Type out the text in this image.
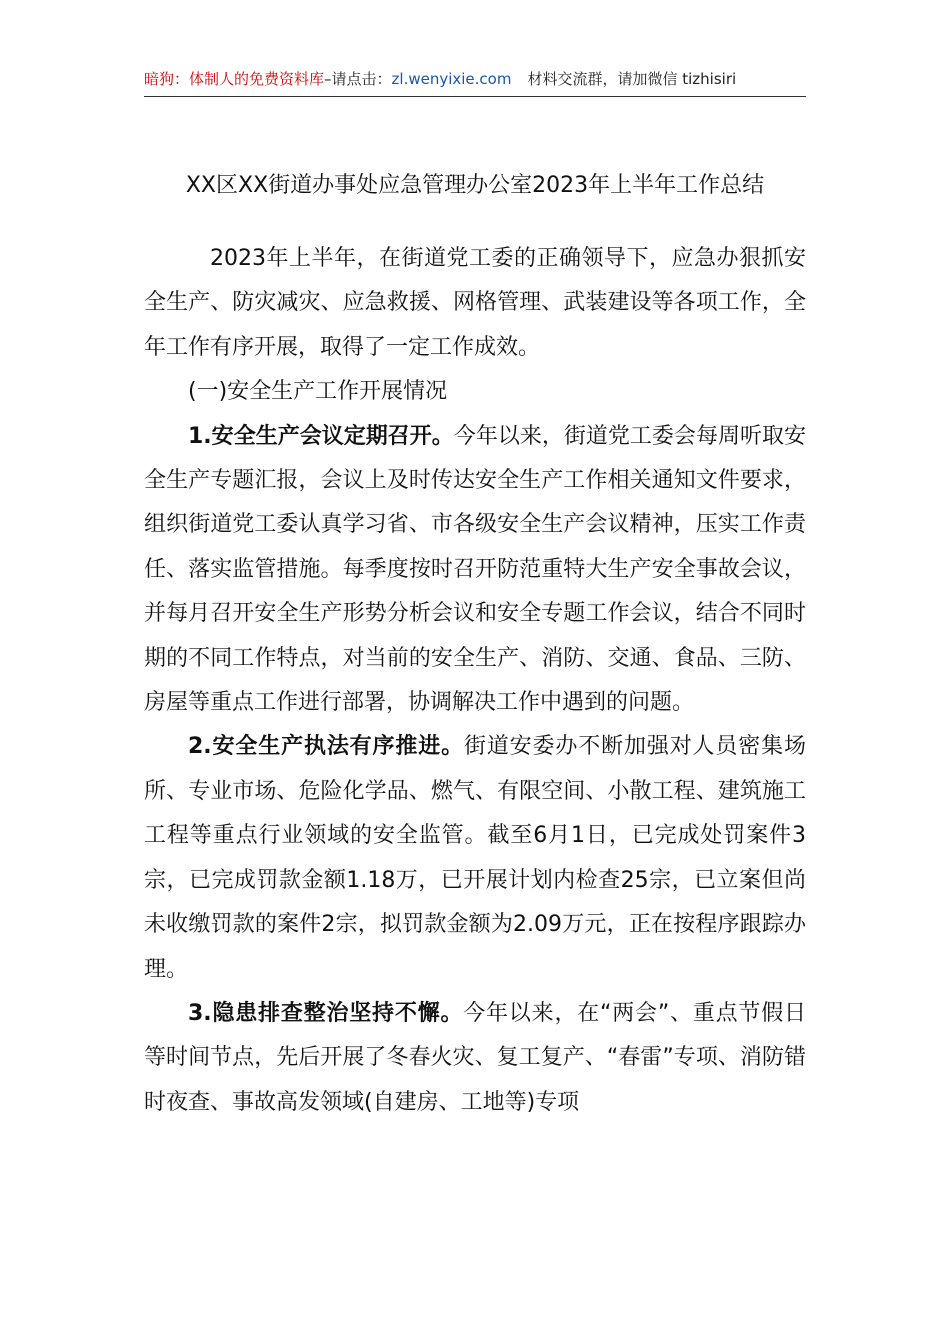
暗狗：体制人的免费资料库–请点击：zl.wenyixie.com 材料交流群，请加微信 tizhisiri
XX区XX街道办事处应急管理办公室2023年上半年工作总结

2023年上半年，在街道党工委的正确领导下，应急办狠抓安全生产、防灾减灾、应急救援、网格管理、武装建设等各项工作，全年工作有序开展，取得了一定工作成效。

(一)安全生产工作开展情况

1.安全生产会议定期召开。今年以来，街道党工委会每周听取安全生产专题汇报，会议上及时传达安全生产工作相关通知文件要求，组织街道党工委认真学习省、市各级安全生产会议精神，压实工作责任、落实监管措施。每季度按时召开防范重特大生产安全事故会议，并每月召开安全生产形势分析会议和安全专题工作会议，结合不同时期的不同工作特点，对当前的安全生产、消防、交通、食品、三防、房屋等重点工作进行部署，协调解决工作中遇到的问题。

2.安全生产执法有序推进。街道安委办不断加强对人员密集场所、专业市场、危险化学品、燃气、有限空间、小散工程、建筑施工工程等重点行业领域的安全监管。截至6月1日，已完成处罚案件3宗，已完成罚款金额1.18万，已开展计划内检查25宗，已立案但尚未收缴罚款的案件2宗，拟罚款金额为2.09万元，正在按程序跟踪办理。

3.隐患排查整治坚持不懈。今年以来，在“两会”、重点节假日等时间节点，先后开展了冬春火灾、复工复产、“春雷”专项、消防错时夜查、事故高发领域(自建房、工地等)专项
